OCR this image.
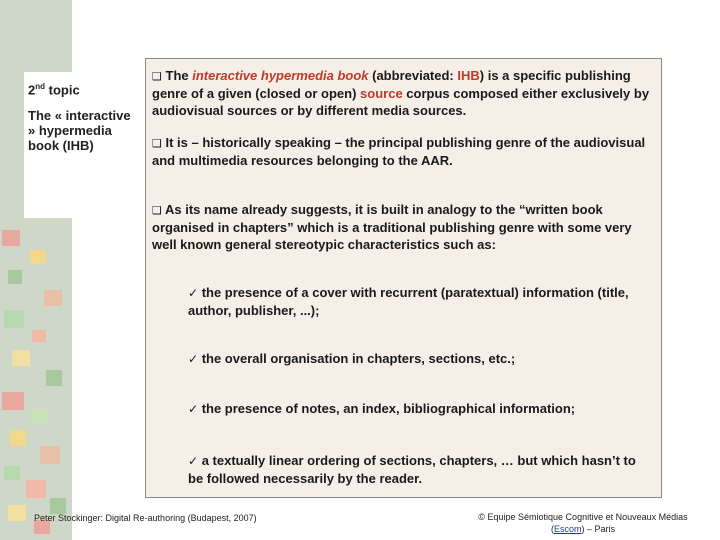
2nd topic
The « interactive » hypermedia book (IHB)
❑ The interactive hypermedia book (abbreviated: IHB) is a specific publishing genre of a given (closed or open) source corpus composed either exclusively by audiovisual sources or by different media sources.
❑ It is – historically speaking – the principal publishing genre of the audiovisual and multimedia resources belonging to the AAR.
❑ As its name already suggests, it is built in analogy to the “written book organised in chapters” which is a traditional publishing genre with some very well known general stereotypic characteristics such as:
✓ the presence of a cover with recurrent (paratextual) information (title, author, publisher, ...);
✓ the overall organisation in chapters, sections, etc.;
✓ the presence of notes, an index, bibliographical information;
✓ a textually linear ordering of sections, chapters, … but which hasn’t to be followed necessarily by the reader.
Peter Stockinger: Digital Re-authoring (Budapest, 2007)	© Equipe Sémiotique Cognitive et Nouveaux Médias
(Escom) – Paris
